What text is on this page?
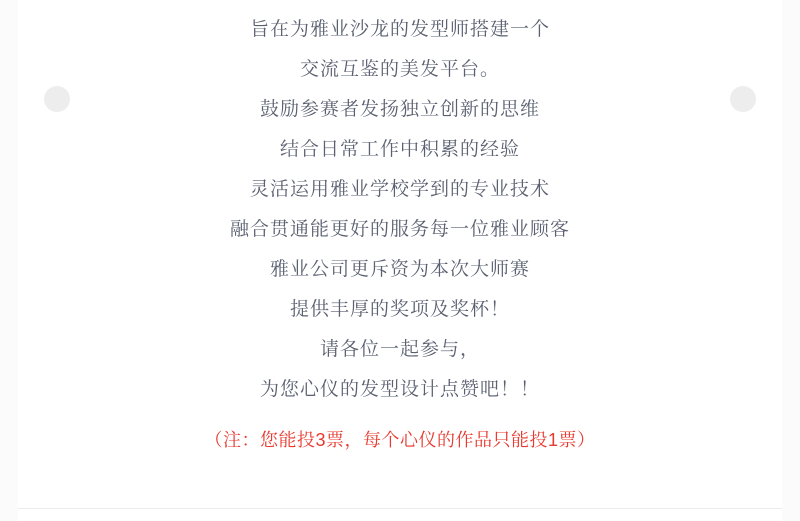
旨在为雅业沙龙的发型师搭建一个

交流互鉴的美发平台。

鼓励参赛者发扬独立创新的思维

结合日常工作中积累的经验

灵活运用雅业学校学到的专业技术

融合贯通能更好的服务每一位雅业顾客

雅业公司更斥资为本次大师赛

提供丰厚的奖项及奖杯！

请各位一起参与，

为您心仪的发型设计点赞吧！！

（注：您能投3票，每个心仪的作品只能投1票）
